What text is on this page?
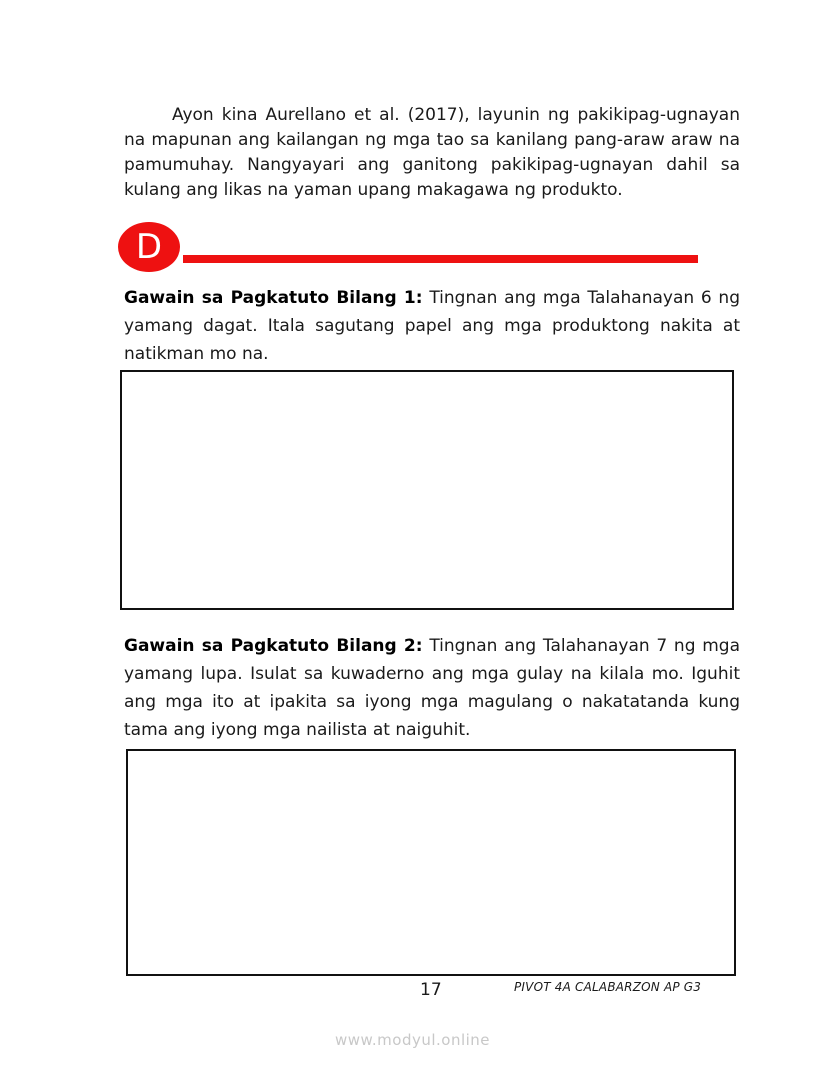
Ayon kina Aurellano et al. (2017), layunin ng pakikipag-ugnayan na mapunan ang kailangan ng mga tao sa kanilang pang-araw araw na pamumuhay. Nangyayari ang ganitong pakikipag-ugnayan dahil sa kulang ang likas na yaman upang makagawa ng produkto.

D

Gawain sa Pagkatuto Bilang 1: Tingnan ang mga Talahanayan 6 ng yamang dagat. Itala sagutang papel ang mga produktong nakita at natikman mo na.

Gawain sa Pagkatuto Bilang 2: Tingnan ang Talahanayan 7 ng mga yamang lupa. Isulat sa kuwaderno ang mga gulay na kilala mo. Iguhit ang mga ito at ipakita sa iyong mga magulang o nakatatanda kung tama ang iyong mga nailista at naiguhit.

17	PIVOT 4A CALABARZON AP G3
www.modyul.online
